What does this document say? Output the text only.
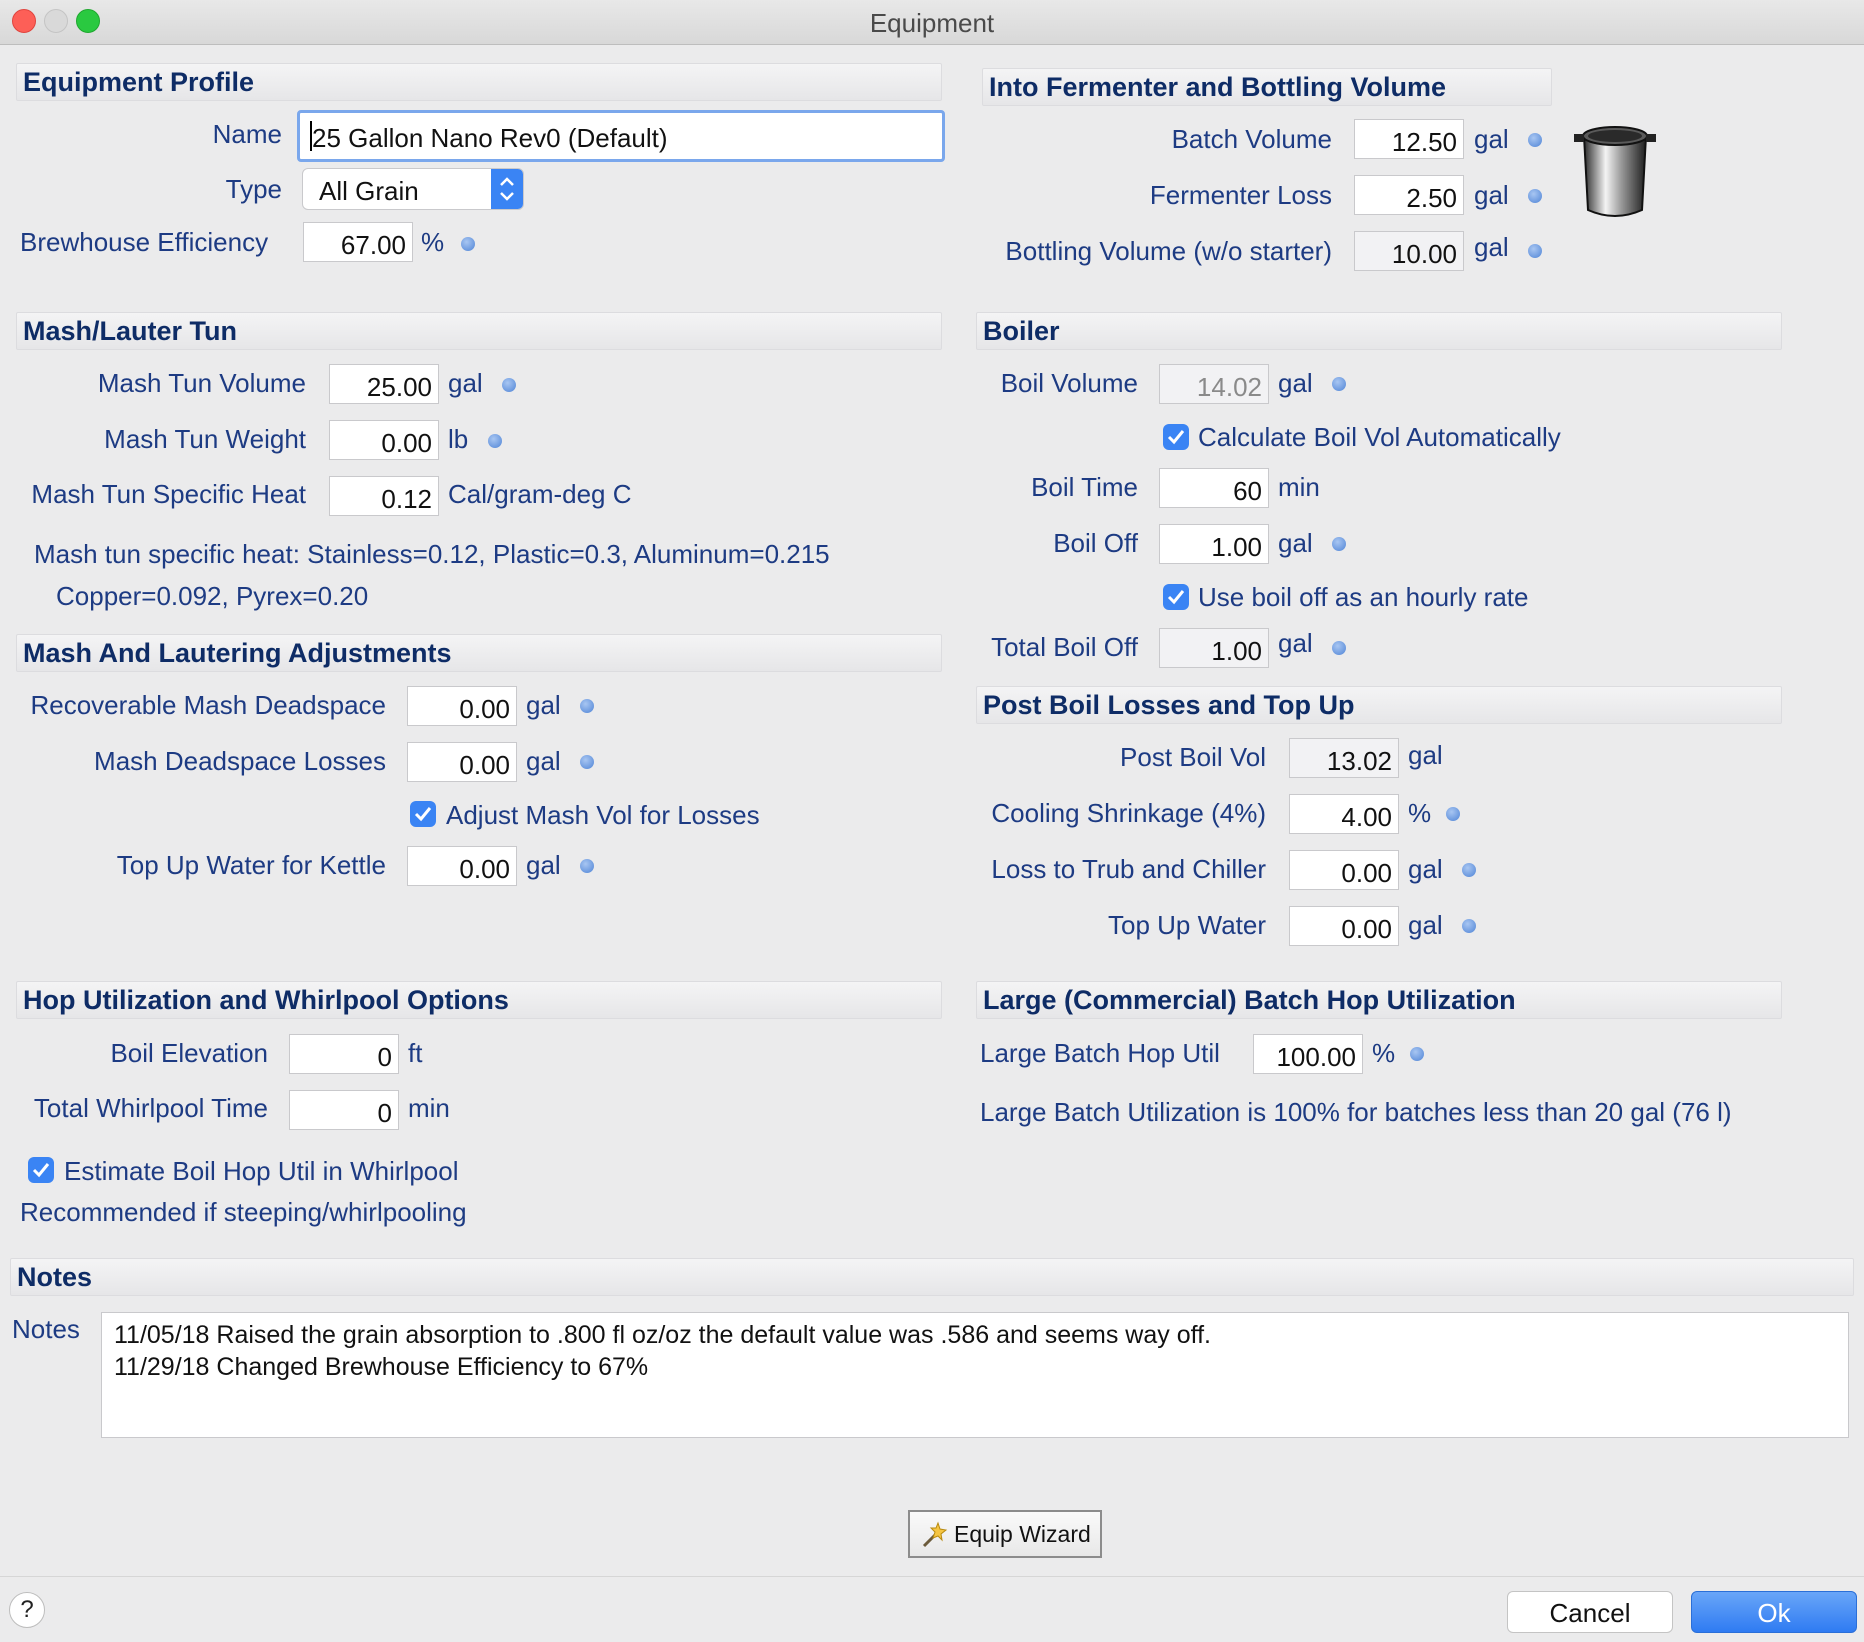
Equipment
Equipment Profile
Name 25 Gallon Nano Rev0 (Default)
Type All Grain
Brewhouse Efficiency	67.00 %
Into Fermenter and Bottling Volume
Batch Volume	12.50 gal
Fermenter Loss	2.50 gal
Bottling Volume (w/o starter)	10.00 gal
Mash/Lauter Tun
Mash Tun Volume	25.00 gal
Mash Tun Weight	0.00 lb
Mash Tun Specific Heat	0.12 Cal/gram-deg C
Mash tun specific heat: Stainless=0.12, Plastic=0.3, Aluminum=0.215
Copper=0.092, Pyrex=0.20
Boiler
Boil Volume	14.02 gal
Calculate Boil Vol Automatically
Boil Time	60 min
Boil Off	1.00 gal
Use boil off as an hourly rate
Total Boil Off	1.00 gal
Mash And Lautering Adjustments
Recoverable Mash Deadspace	0.00 gal
Mash Deadspace Losses	0.00 gal
Adjust Mash Vol for Losses
Top Up Water for Kettle	0.00 gal
Post Boil Losses and Top Up
Post Boil Vol	13.02 gal
Cooling Shrinkage (4%)	4.00 %
Loss to Trub and Chiller	0.00 gal
Top Up Water	0.00 gal
Hop Utilization and Whirlpool Options
Boil Elevation	0 ft
Total Whirlpool Time	0 min
Estimate Boil Hop Util in Whirlpool
Recommended if steeping/whirlpooling
Large (Commercial) Batch Hop Utilization
Large Batch Hop Util	100.00 %
Large Batch Utilization is 100% for batches less than 20 gal (76 l)
Notes
Notes 11/05/18 Raised the grain absorption to .800 fl oz/oz the default value was .586 and seems way off.
11/29/18 Changed Brewhouse Efficiency to 67%
Equip Wizard
?	Cancel	Ok
